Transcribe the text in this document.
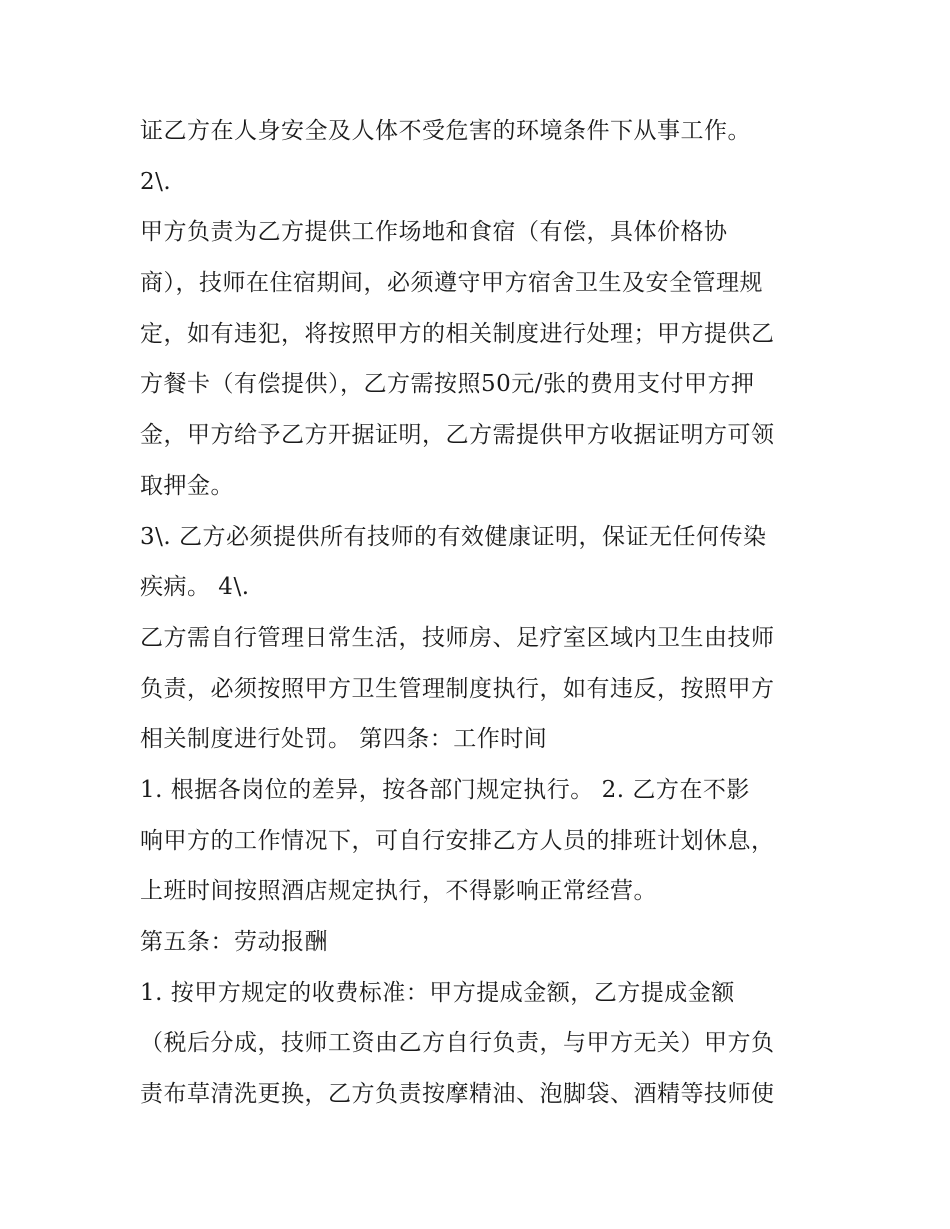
证乙方在人身安全及人体不受危害的环境条件下从事工作。
2\.
甲方负责为乙方提供工作场地和食宿（有偿，具体价格协
商），技师在住宿期间，必须遵守甲方宿舍卫生及安全管理规
定，如有违犯，将按照甲方的相关制度进行处理；甲方提供乙
方餐卡（有偿提供），乙方需按照50元/张的费用支付甲方押
金，甲方给予乙方开据证明，乙方需提供甲方收据证明方可领
取押金。
3\. 乙方必须提供所有技师的有效健康证明，保证无任何传染
疾病。 4\.
乙方需自行管理日常生活，技师房、足疗室区域内卫生由技师
负责，必须按照甲方卫生管理制度执行，如有违反，按照甲方
相关制度进行处罚。 第四条：工作时间
1. 根据各岗位的差异，按各部门规定执行。 2. 乙方在不影
响甲方的工作情况下，可自行安排乙方人员的排班计划休息，
上班时间按照酒店规定执行，不得影响正常经营。
第五条：劳动报酬
1. 按甲方规定的收费标准：甲方提成金额，乙方提成金额
（税后分成，技师工资由乙方自行负责，与甲方无关）甲方负
责布草清洗更换，乙方负责按摩精油、泡脚袋、酒精等技师使
